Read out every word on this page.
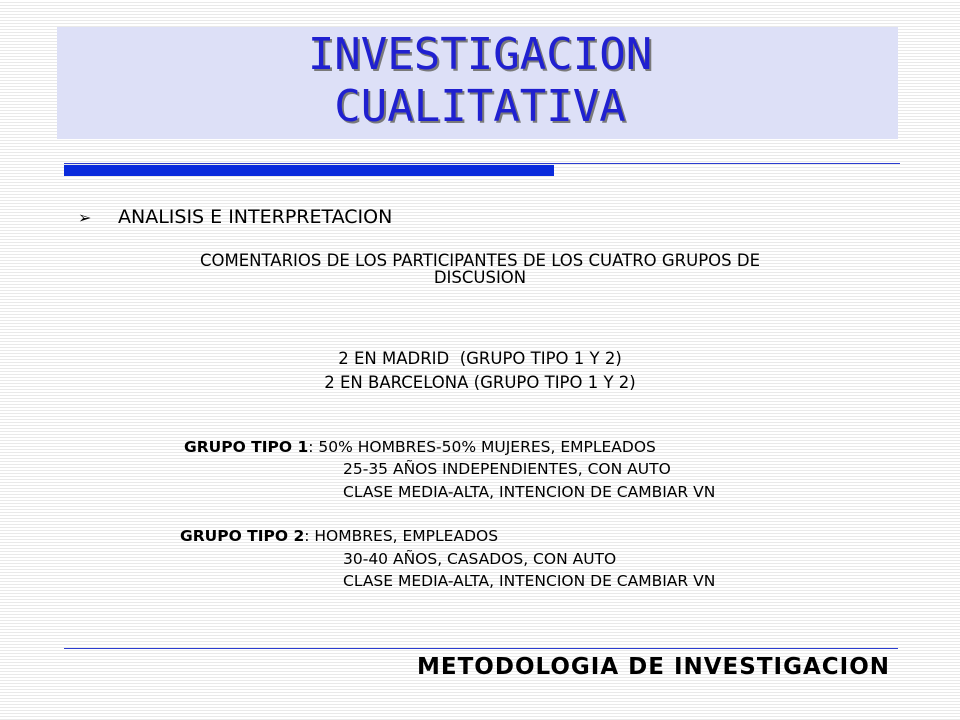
INVESTIGACION
CUALITATIVA
➢ ANALISIS E INTERPRETACION
COMENTARIOS DE LOS PARTICIPANTES DE LOS CUATRO GRUPOS DE
DISCUSION
2 EN MADRID  (GRUPO TIPO 1 Y 2)
2 EN BARCELONA (GRUPO TIPO 1 Y 2)
GRUPO TIPO 1: 50% HOMBRES-50% MUJERES, EMPLEADOS
25-35 AÑOS INDEPENDIENTES, CON AUTO
CLASE MEDIA-ALTA, INTENCION DE CAMBIAR VN
GRUPO TIPO 2: HOMBRES, EMPLEADOS
30-40 AÑOS, CASADOS, CON AUTO
CLASE MEDIA-ALTA, INTENCION DE CAMBIAR VN
METODOLOGIA DE INVESTIGACION
